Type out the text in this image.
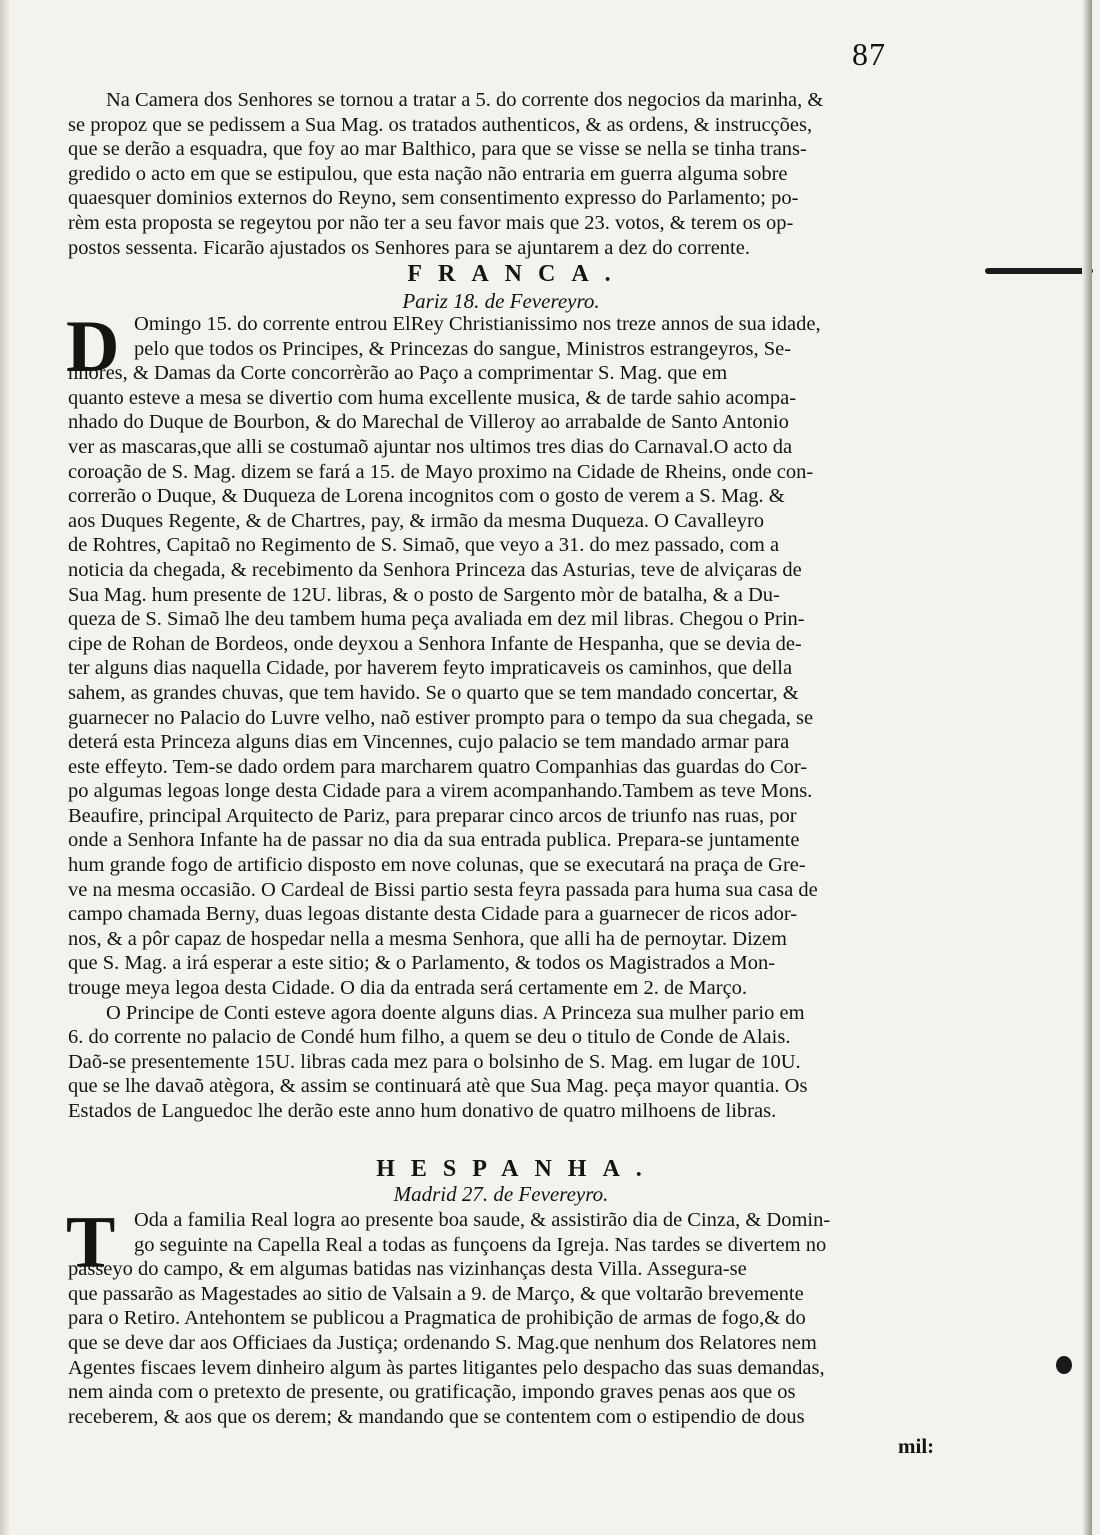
87
Na Camera dos Senhores se tornou a tratar a 5. do corrente dos negocios da marinha, &
se propoz que se pedissem a Sua Mag. os tratados authenticos, & as ordens, & instrucções,
que se derão a esquadra, que foy ao mar Balthico, para que se visse se nella se tinha trans-
gredido o acto em que se estipulou, que esta nação não entraria em guerra alguma sobre
quaesquer dominios externos do Reyno, sem consentimento expresso do Parlamento; po-
rèm esta proposta se regeytou por não ter a seu favor mais que 23. votos, & terem os op-
postos sessenta. Ficarão ajustados os Senhores para se ajuntarem a dez do corrente.
FRANCA.
Pariz 18. de Fevereyro.
D Omingo 15. do corrente entrou ElRey Christianissimo nos treze annos de sua idade,
pelo que todos os Principes, & Princezas do sangue, Ministros estrangeyros, Se-
nhores, & Damas da Corte concorrèrão ao Paço a comprimentar S. Mag. que em
quanto esteve a mesa se divertio com huma excellente musica, & de tarde sahio acompa-
nhado do Duque de Bourbon, & do Marechal de Villeroy ao arrabalde de Santo Antonio
ver as mascaras,que alli se costumaõ ajuntar nos ultimos tres dias do Carnaval.O acto da
coroação de S. Mag. dizem se fará a 15. de Mayo proximo na Cidade de Rheins, onde con-
correrão o Duque, & Duqueza de Lorena incognitos com o gosto de verem a S. Mag. &
aos Duques Regente, & de Chartres, pay, & irmão da mesma Duqueza. O Cavalleyro
de Rohtres, Capitaõ no Regimento de S. Simaõ, que veyo a 31. do mez passado, com a
noticia da chegada, & recebimento da Senhora Princeza das Asturias, teve de alviçaras de
Sua Mag. hum presente de 12U. libras, & o posto de Sargento mòr de batalha, & a Du-
queza de S. Simaõ lhe deu tambem huma peça avaliada em dez mil libras. Chegou o Prin-
cipe de Rohan de Bordeos, onde deyxou a Senhora Infante de Hespanha, que se devia de-
ter alguns dias naquella Cidade, por haverem feyto impraticaveis os caminhos, que della
sahem, as grandes chuvas, que tem havido. Se o quarto que se tem mandado concertar, &
guarnecer no Palacio do Luvre velho, naõ estiver prompto para o tempo da sua chegada, se
deterá esta Princeza alguns dias em Vincennes, cujo palacio se tem mandado armar para
este effeyto. Tem-se dado ordem para marcharem quatro Companhias das guardas do Cor-
po algumas legoas longe desta Cidade para a virem acompanhando.Tambem as teve Mons.
Beaufire, principal Arquitecto de Pariz, para preparar cinco arcos de triunfo nas ruas, por
onde a Senhora Infante ha de passar no dia da sua entrada publica. Prepara-se juntamente
hum grande fogo de artificio disposto em nove colunas, que se executará na praça de Gre-
ve na mesma occasião. O Cardeal de Bissi partio sesta feyra passada para huma sua casa de
campo chamada Berny, duas legoas distante desta Cidade para a guarnecer de ricos ador-
nos, & a pôr capaz de hospedar nella a mesma Senhora, que alli ha de pernoytar. Dizem
que S. Mag. a irá esperar a este sitio; & o Parlamento, & todos os Magistrados a Mon-
trouge meya legoa desta Cidade. O dia da entrada será certamente em 2. de Março.
O Principe de Conti esteve agora doente alguns dias. A Princeza sua mulher pario em
6. do corrente no palacio de Condé hum filho, a quem se deu o titulo de Conde de Alais.
Daõ-se presentemente 15U. libras cada mez para o bolsinho de S. Mag. em lugar de 10U.
que se lhe davaõ atègora, & assim se continuará atè que Sua Mag. peça mayor quantia. Os
Estados de Languedoc lhe derão este anno hum donativo de quatro milhoens de libras.
HESPANHA.
Madrid 27. de Fevereyro.
T Oda a familia Real logra ao presente boa saude, & assistirão dia de Cinza, & Domin-
go seguinte na Capella Real a todas as funçoens da Igreja. Nas tardes se divertem no
passeyo do campo, & em algumas batidas nas vizinhanças desta Villa. Assegura-se
que passarão as Magestades ao sitio de Valsain a 9. de Março, & que voltarão brevemente
para o Retiro. Antehontem se publicou a Pragmatica de prohibição de armas de fogo,& do
que se deve dar aos Officiaes da Justiça; ordenando S. Mag.que nenhum dos Relatores nem
Agentes fiscaes levem dinheiro algum às partes litigantes pelo despacho das suas demandas,
nem ainda com o pretexto de presente, ou gratificação, impondo graves penas aos que os
receberem, & aos que os derem; & mandando que se contentem com o estipendio de dous
mil:
